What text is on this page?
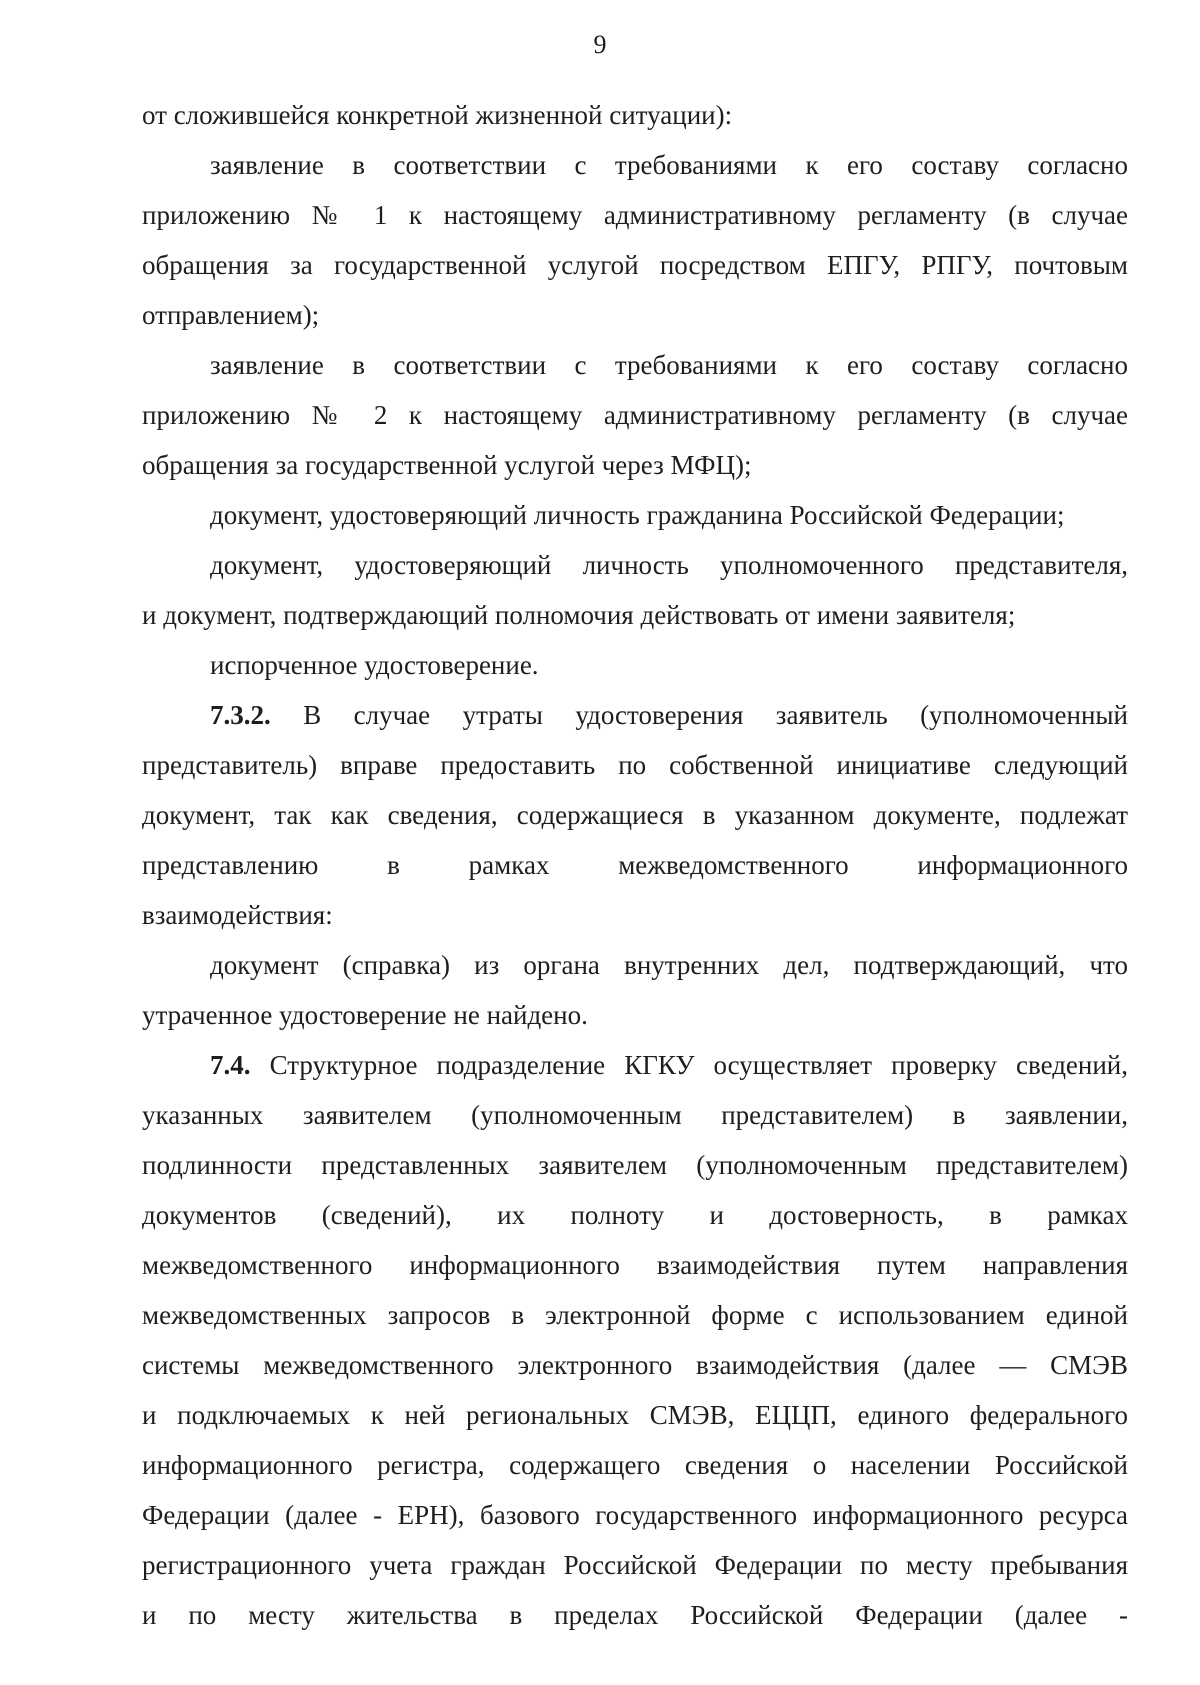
9
от сложившейся конкретной жизненной ситуации):
заявление в соответствии с требованиями к его составу согласно
приложению № 1 к настоящему административному регламенту (в случае
обращения за государственной услугой посредством ЕПГУ, РПГУ, почтовым
отправлением);
заявление в соответствии с требованиями к его составу согласно
приложению № 2 к настоящему административному регламенту (в случае
обращения за государственной услугой через МФЦ);
документ, удостоверяющий личность гражданина Российской Федерации;
документ, удостоверяющий личность уполномоченного представителя,
и документ, подтверждающий полномочия действовать от имени заявителя;
испорченное удостоверение.
7.3.2. В случае утраты удостоверения заявитель (уполномоченный
представитель) вправе предоставить по собственной инициативе следующий
документ, так как сведения, содержащиеся в указанном документе, подлежат
представлению в рамках межведомственного информационного
взаимодействия:
документ (справка) из органа внутренних дел, подтверждающий, что
утраченное удостоверение не найдено.
7.4. Структурное подразделение КГКУ осуществляет проверку сведений,
указанных заявителем (уполномоченным представителем) в заявлении,
подлинности представленных заявителем (уполномоченным представителем)
документов (сведений), их полноту и достоверность, в рамках
межведомственного информационного взаимодействия путем направления
межведомственных запросов в электронной форме с использованием единой
системы межведомственного электронного взаимодействия (далее — СМЭВ
и подключаемых к ней региональных СМЭВ, ЕЦЦП, единого федерального
информационного регистра, содержащего сведения о населении Российской
Федерации (далее - ЕРН), базового государственного информационного ресурса
регистрационного учета граждан Российской Федерации по месту пребывания
и по месту жительства в пределах Российской Федерации (далее -
